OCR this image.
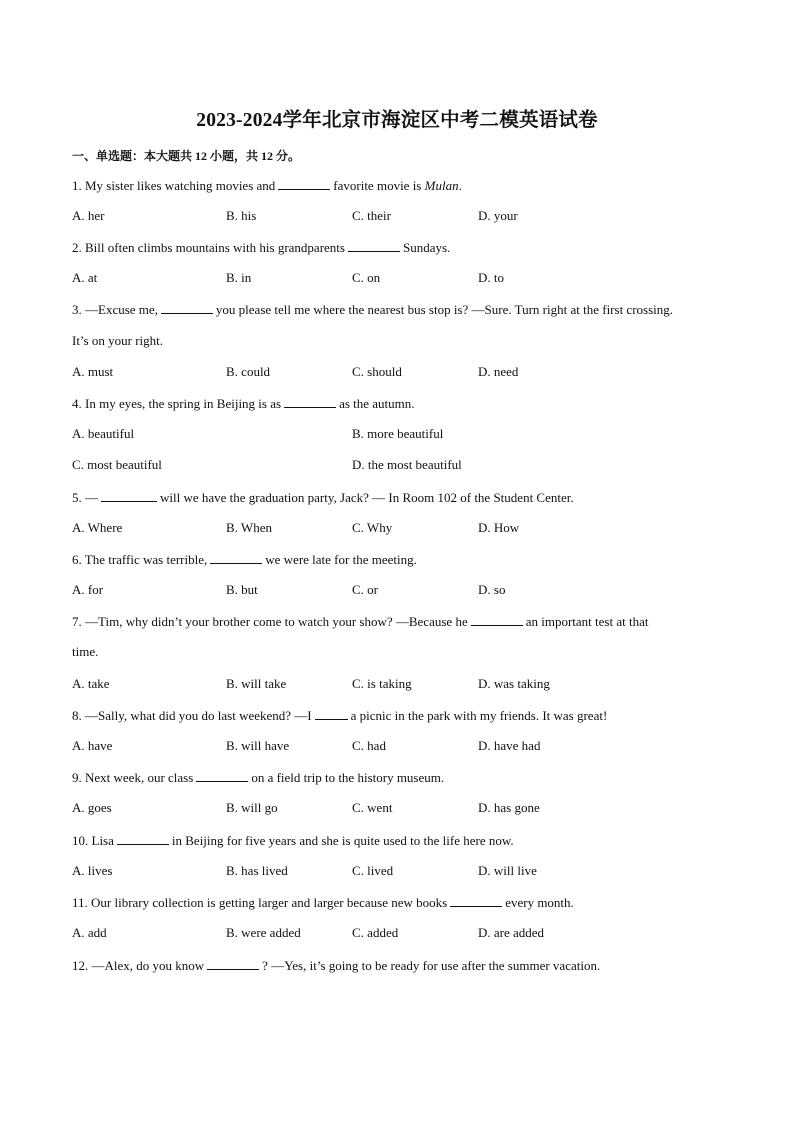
2023-2024学年北京市海淀区中考二模英语试卷
一、单选题：本大题共 12 小题，共 12 分。
1. My sister likes watching movies and	favorite movie is Mulan.
A. her	B. his	C. their	D. your
2. Bill often climbs mountains with his grandparents	Sundays.
A. at	B. in	C. on	D. to
3. —Excuse me,	you please tell me where the nearest bus stop is? —Sure. Turn right at the first crossing.
It’s on your right.
A. must	B. could	C. should	D. need
4. In my eyes, the spring in Beijing is as	as the autumn.
A. beautiful	B. more beautiful
C. most beautiful	D. the most beautiful
5. —	will we have the graduation party, Jack? — In Room 102 of the Student Center.
A. Where	B. When	C. Why	D. How
6. The traffic was terrible,	we were late for the meeting.
A. for	B. but	C. or	D. so
7. —Tim, why didn’t your brother come to watch your show? —Because he	an important test at that
time.
A. take	B. will take	C. is taking	D. was taking
8. —Sally, what did you do last weekend? —I	a picnic in the park with my friends. It was great!
A. have	B. will have	C. had	D. have had
9. Next week, our class	on a field trip to the history museum.
A. goes	B. will go	C. went	D. has gone
10. Lisa	in Beijing for five years and she is quite used to the life here now.
A. lives	B. has lived	C. lived	D. will live
11. Our library collection is getting larger and larger because new books	every month.
A. add	B. were added	C. added	D. are added
12. —Alex, do you know	? —Yes, it’s going to be ready for use after the summer vacation.
